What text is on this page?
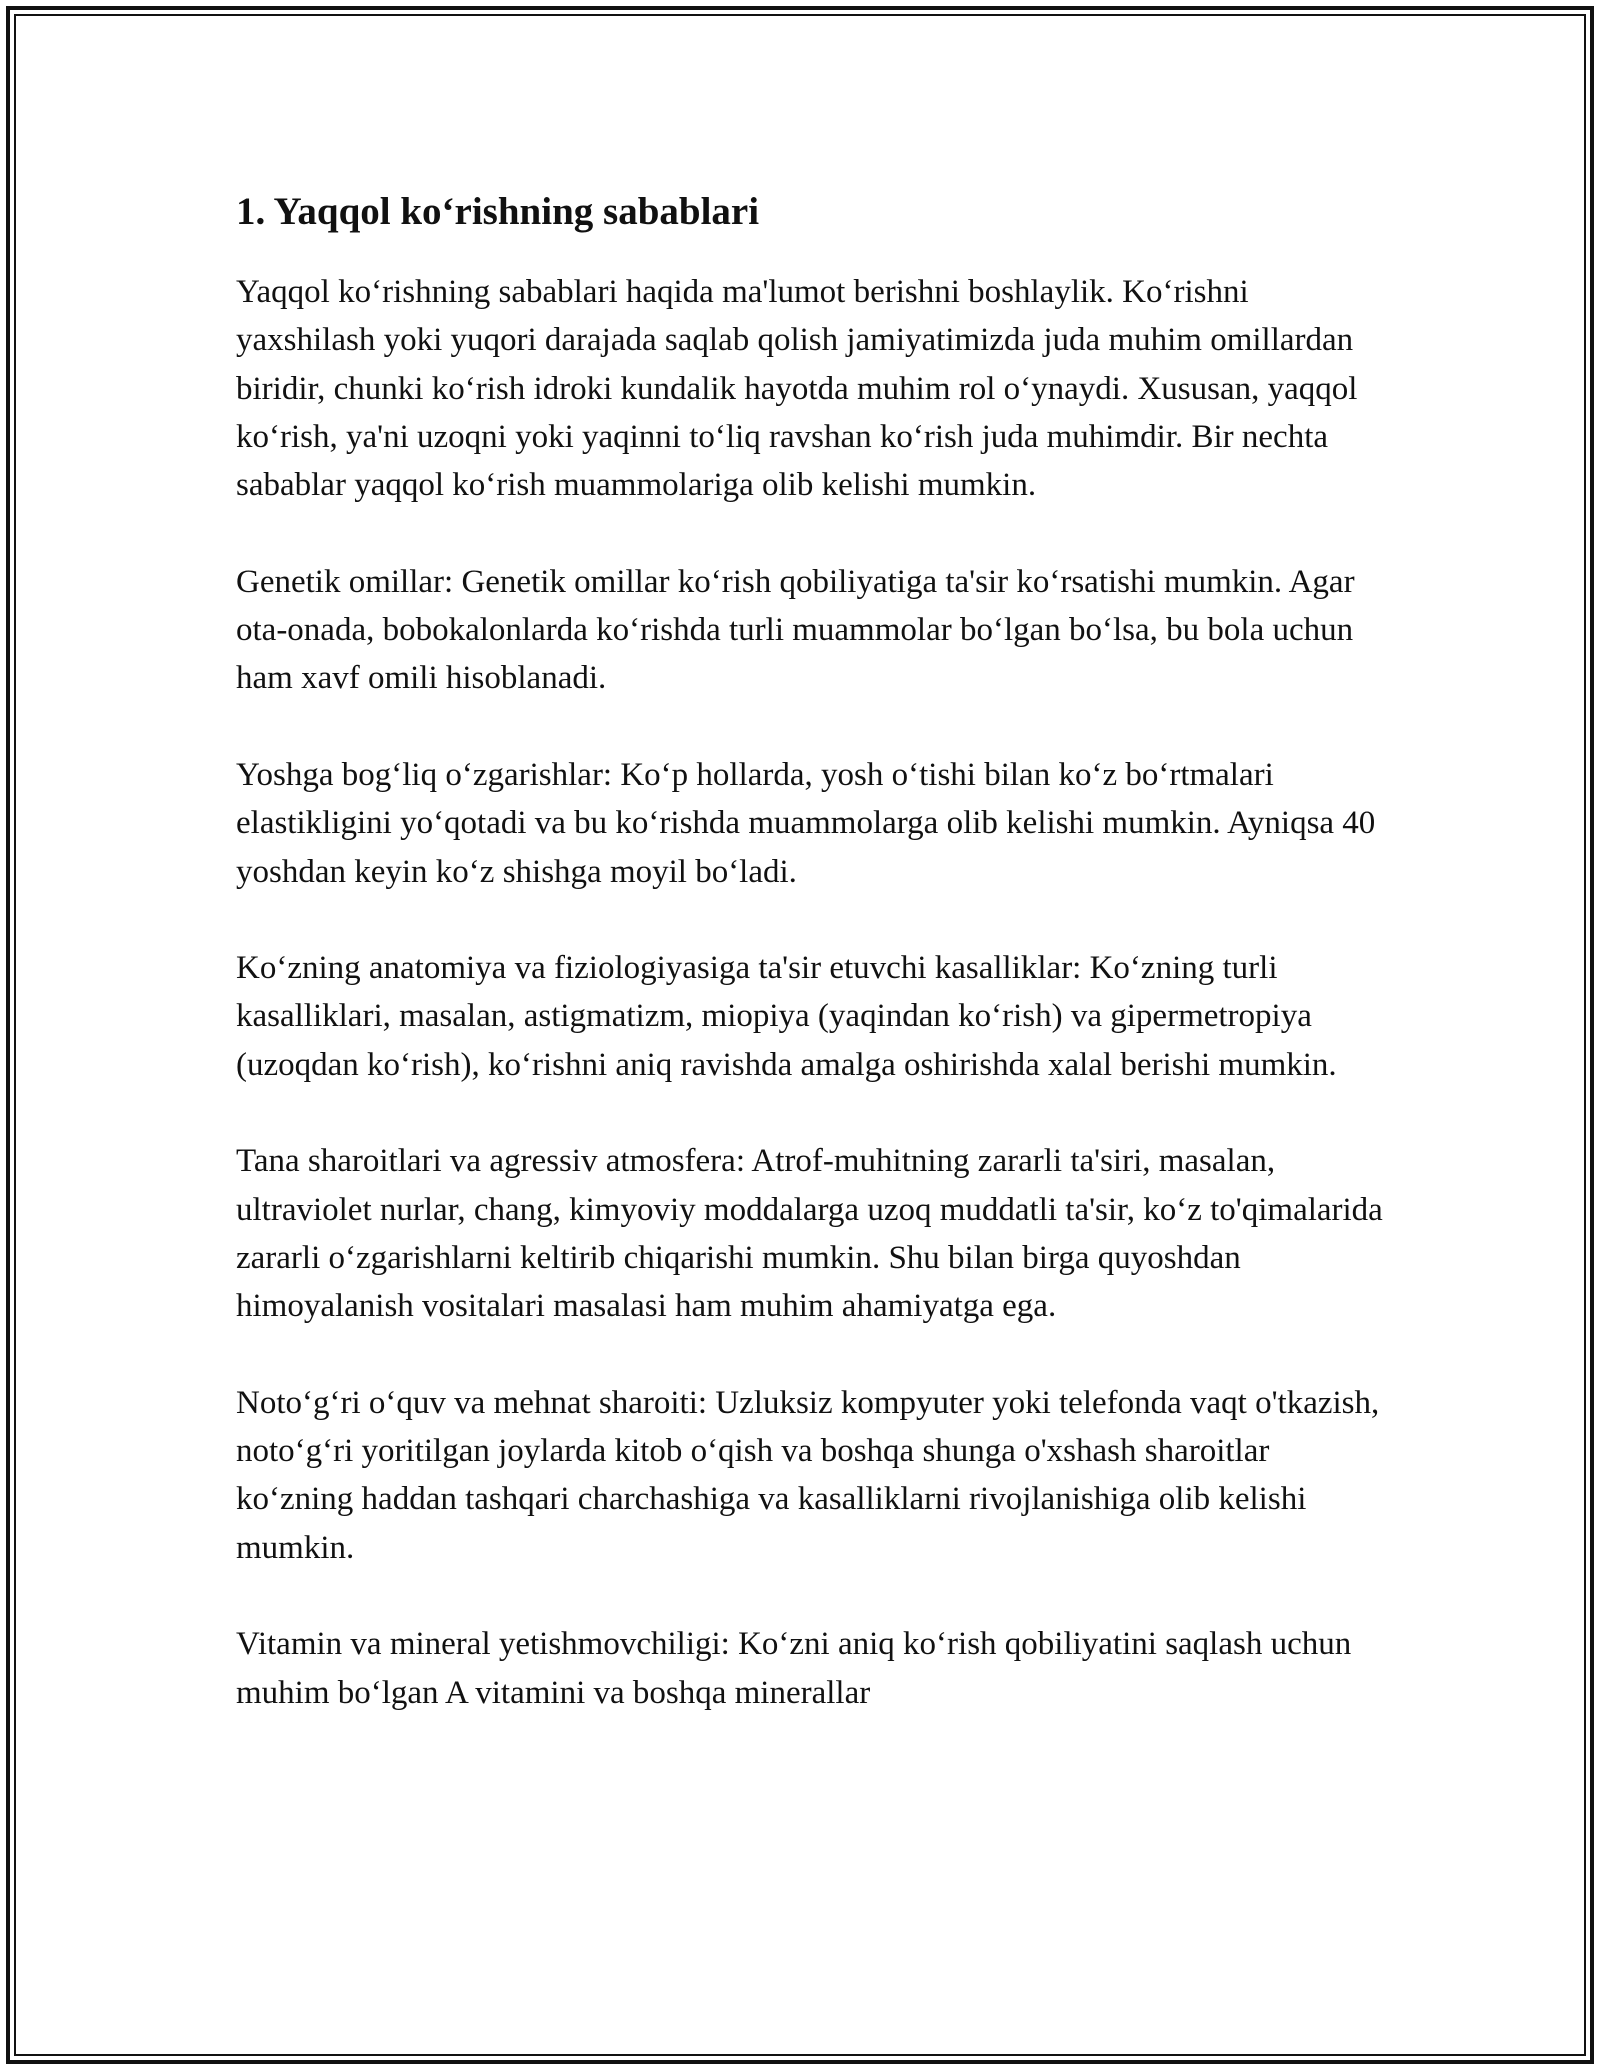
1. Yaqqol koʻrishning sabablari

Yaqqol koʻrishning sabablari haqida ma'lumot berishni boshlaylik. Koʻrishni yaxshilash yoki yuqori darajada saqlab qolish jamiyatimizda juda muhim omillardan biridir, chunki koʻrish idroki kundalik hayotda muhim rol oʻynaydi. Xususan, yaqqol koʻrish, ya'ni uzoqni yoki yaqinni toʻliq ravshan koʻrish juda muhimdir. Bir nechta sabablar yaqqol koʻrish muammolariga olib kelishi mumkin.

Genetik omillar: Genetik omillar koʻrish qobiliyatiga ta'sir koʻrsatishi mumkin. Agar ota-onada, bobokalonlarda koʻrishda turli muammolar boʻlgan boʻlsa, bu bola uchun ham xavf omili hisoblanadi.

Yoshga bogʻliq oʻzgarishlar: Koʻp hollarda, yosh oʻtishi bilan koʻz boʻrtmalari elastikligini yoʻqotadi va bu koʻrishda muammolarga olib kelishi mumkin. Ayniqsa 40 yoshdan keyin koʻz shishga moyil boʻladi.

Koʻzning anatomiya va fiziologiyasiga ta'sir etuvchi kasalliklar: Koʻzning turli kasalliklari, masalan, astigmatizm, miopiya (yaqindan koʻrish) va gipermetropiya (uzoqdan koʻrish), koʻrishni aniq ravishda amalga oshirishda xalal berishi mumkin.

Tana sharoitlari va agressiv atmosfera: Atrof-muhitning zararli ta'siri, masalan, ultraviolet nurlar, chang, kimyoviy moddalarga uzoq muddatli ta'sir, koʻz to'qimalarida zararli oʻzgarishlarni keltirib chiqarishi mumkin. Shu bilan birga quyoshdan himoyalanish vositalari masalasi ham muhim ahamiyatga ega.

Notoʻgʻri oʻquv va mehnat sharoiti: Uzluksiz kompyuter yoki telefonda vaqt o'tkazish, notoʻgʻri yoritilgan joylarda kitob oʻqish va boshqa shunga o'xshash sharoitlar koʻzning haddan tashqari charchashiga va kasalliklarni rivojlanishiga olib kelishi mumkin.

Vitamin va mineral yetishmovchiligi: Koʻzni aniq koʻrish qobiliyatini saqlash uchun muhim boʻlgan A vitamini va boshqa minerallar
